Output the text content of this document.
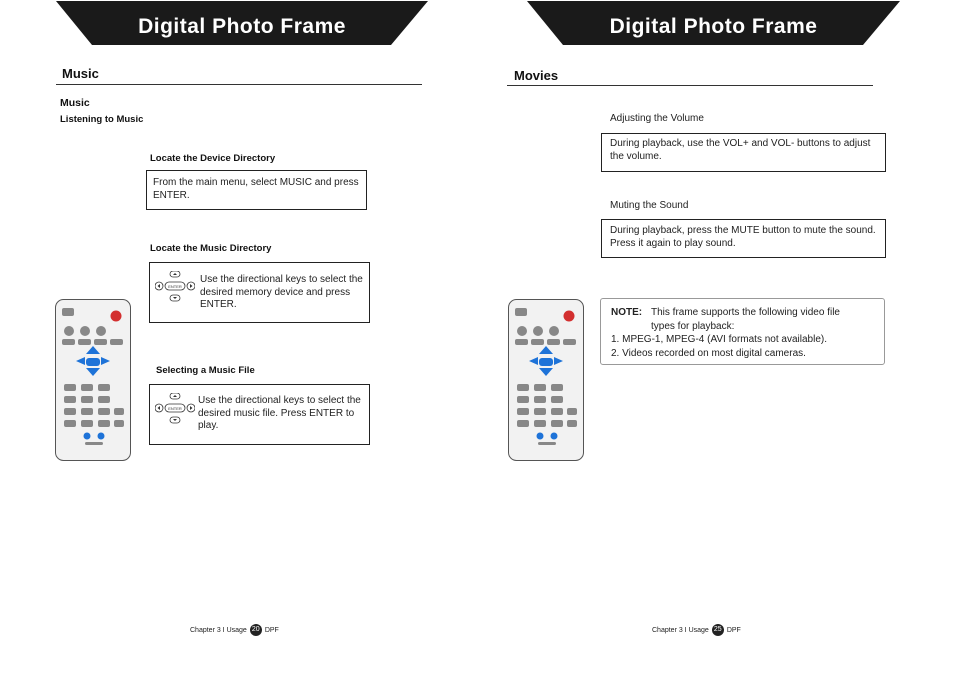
Digital Photo Frame
Music
Music
Listening to Music
Locate the Device Directory

From the main menu, select MUSIC and press ENTER.

Locate the Music Directory
ENTER

Use the directional keys to select the desired memory device and press ENTER.

Selecting a Music File
ENTER

Use the directional keys to select the desired music file. Press ENTER to play.

Chapter 3 I Usage 20 DPF
Digital Photo Frame
Movies
Adjusting the Volume

During playback, use the VOL+ and VOL- buttons to adjust the volume.

Muting the Sound

During playback, press the MUTE button to mute the sound. Press it again to play sound.

NOTE: This frame supports the following video file types for playback:
1. MPEG-1, MPEG-4 (AVI formats not available).
2. Videos recorded on most digital cameras.
Chapter 3 I Usage 25 DPF
